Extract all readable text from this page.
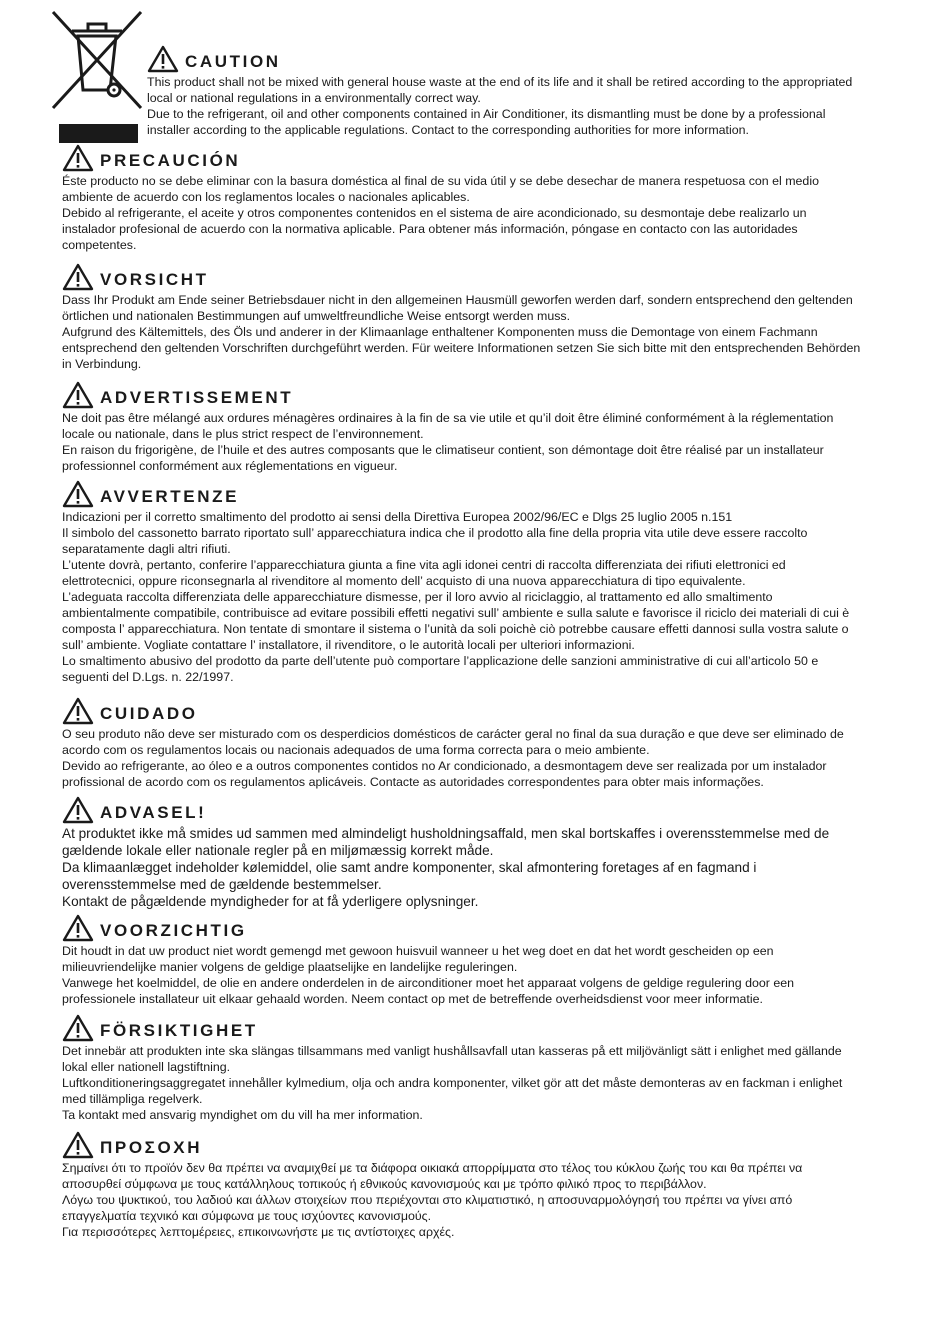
CAUTION

This product shall not be mixed with general house waste at the end of its life and it shall be retired according to the appropriated local or national regulations in a environmentally correct way.

Due to the refrigerant, oil and other components contained in Air Conditioner, its dismantling must be done by a professional installer according to the applicable regulations. Contact to the corresponding authorities for more information.

PRECAUCIÓN

Éste producto no se debe eliminar con la basura doméstica al final de su vida útil y se debe desechar de manera respetuosa con el medio ambiente de acuerdo con los reglamentos locales o nacionales aplicables.

Debido al refrigerante, el aceite y otros componentes contenidos en el sistema de aire acondicionado, su desmontaje debe realizarlo un instalador profesional de acuerdo con la normativa aplicable. Para obtener más información, póngase en contacto con las autoridades competentes.

VORSICHT

Dass Ihr Produkt am Ende seiner Betriebsdauer nicht in den allgemeinen Hausmüll geworfen werden darf, sondern entsprechend den geltenden örtlichen und nationalen Bestimmungen auf umweltfreundliche Weise entsorgt werden muss.

Aufgrund des Kältemittels, des Öls und anderer in der Klimaanlage enthaltener Komponenten muss die Demontage von einem Fachmann entsprechend den geltenden Vorschriften durchgeführt werden. Für weitere Informationen setzen Sie sich bitte mit den entsprechenden Behörden in Verbindung.

ADVERTISSEMENT

Ne doit pas être mélangé aux ordures ménagères ordinaires à la fin de sa vie utile et qu’il doit être éliminé conformément à la réglementation locale ou nationale, dans le plus strict respect de l’environnement.

En raison du frigorigène, de l’huile et des autres composants que le climatiseur contient, son démontage doit être réalisé par un installateur professionnel conformément aux réglementations en vigueur.

AVVERTENZE

Indicazioni per il corretto smaltimento del prodotto ai sensi della Direttiva Europea 2002/96/EC e Dlgs 25 luglio 2005 n.151

Il simbolo del cassonetto barrato riportato sull’ apparecchiatura indica che il prodotto alla fine della propria vita utile deve essere raccolto separatamente dagli altri rifiuti.

L’utente dovrà, pertanto, conferire l’apparecchiatura giunta a fine vita agli idonei centri di raccolta differenziata dei rifiuti elettronici ed elettrotecnici, oppure riconsegnarla al rivenditore al momento dell’ acquisto di una nuova apparecchiatura di tipo equivalente.

L’adeguata raccolta differenziata delle apparecchiature dismesse, per il loro avvio al riciclaggio, al trattamento ed allo smaltimento ambientalmente compatibile, contribuisce ad evitare possibili effetti negativi sull’ ambiente e sulla salute e favorisce il riciclo dei materiali di cui è composta l’ apparecchiatura. Non tentate di smontare il sistema o l’unità da soli poichè ciò potrebbe causare effetti dannosi sulla vostra salute o sull’ ambiente. Vogliate contattare l’ installatore, il rivenditore, o le autorità locali per ulteriori informazioni.

Lo smaltimento abusivo del prodotto da parte dell’utente può comportare l’applicazione delle sanzioni amministrative di cui all’articolo 50 e seguenti del D.Lgs. n. 22/1997.

CUIDADO

O seu produto não deve ser misturado com os desperdicios domésticos de carácter geral no final da sua duração e que deve ser eliminado de acordo com os regulamentos locais ou nacionais adequados de uma forma correcta para o meio ambiente.

Devido ao refrigerante, ao óleo e a outros componentes contidos no Ar condicionado, a desmontagem deve ser realizada por um instalador profissional de acordo com os regulamentos aplicáveis. Contacte as autoridades correspondentes para obter mais informações.

ADVASEL!

At produktet ikke må smides ud sammen med almindeligt husholdningsaffald, men skal bortskaffes i overensstemmelse med de gældende lokale eller nationale regler på en miljømæssig korrekt måde.

Da klimaanlægget indeholder kølemiddel, olie samt andre komponenter, skal afmontering foretages af en fagmand i overensstemmelse med de gældende bestemmelser.

Kontakt de pågældende myndigheder for at få yderligere oplysninger.

VOORZICHTIG

Dit houdt in dat uw product niet wordt gemengd met gewoon huisvuil wanneer u het weg doet en dat het wordt gescheiden op een milieuvriendelijke manier volgens de geldige plaatselijke en landelijke reguleringen.

Vanwege het koelmiddel, de olie en andere onderdelen in de airconditioner moet het apparaat volgens de geldige regulering door een professionele installateur uit elkaar gehaald worden. Neem contact op met de betreffende overheidsdienst voor meer informatie.

FÖRSIKTIGHET

Det innebär att produkten inte ska slängas tillsammans med vanligt hushållsavfall utan kasseras på ett miljövänligt sätt i enlighet med gällande lokal eller nationell lagstiftning.

Luftkonditioneringsaggregatet innehåller kylmedium, olja och andra komponenter, vilket gör att det måste demonteras av en fackman i enlighet med tillämpliga regelverk.

Ta kontakt med ansvarig myndighet om du vill ha mer information.

ΠΡΟΣΟΧΗ

Σημαίνει ότι το προϊόν δεν θα πρέπει να αναμιχθεί με τα διάφορα οικιακά απορρίμματα στο τέλος του κύκλου ζωής του και θα πρέπει να αποσυρθεί σύμφωνα με τους κατάλληλους τοπικούς ή εθνικούς κανονισμούς και με τρόπο φιλικό προς το περιβάλλον.

Λόγω του ψυκτικού, του λαδιού και άλλων στοιχείων που περιέχονται στο κλιματιστικό, η αποσυναρμολόγησή του πρέπει να γίνει από επαγγελματία τεχνικό και σύμφωνα με τους ισχύοντες κανονισμούς.

Για περισσότερες λεπτομέρειες, επικοινωνήστε με τις αντίστοιχες αρχές.
